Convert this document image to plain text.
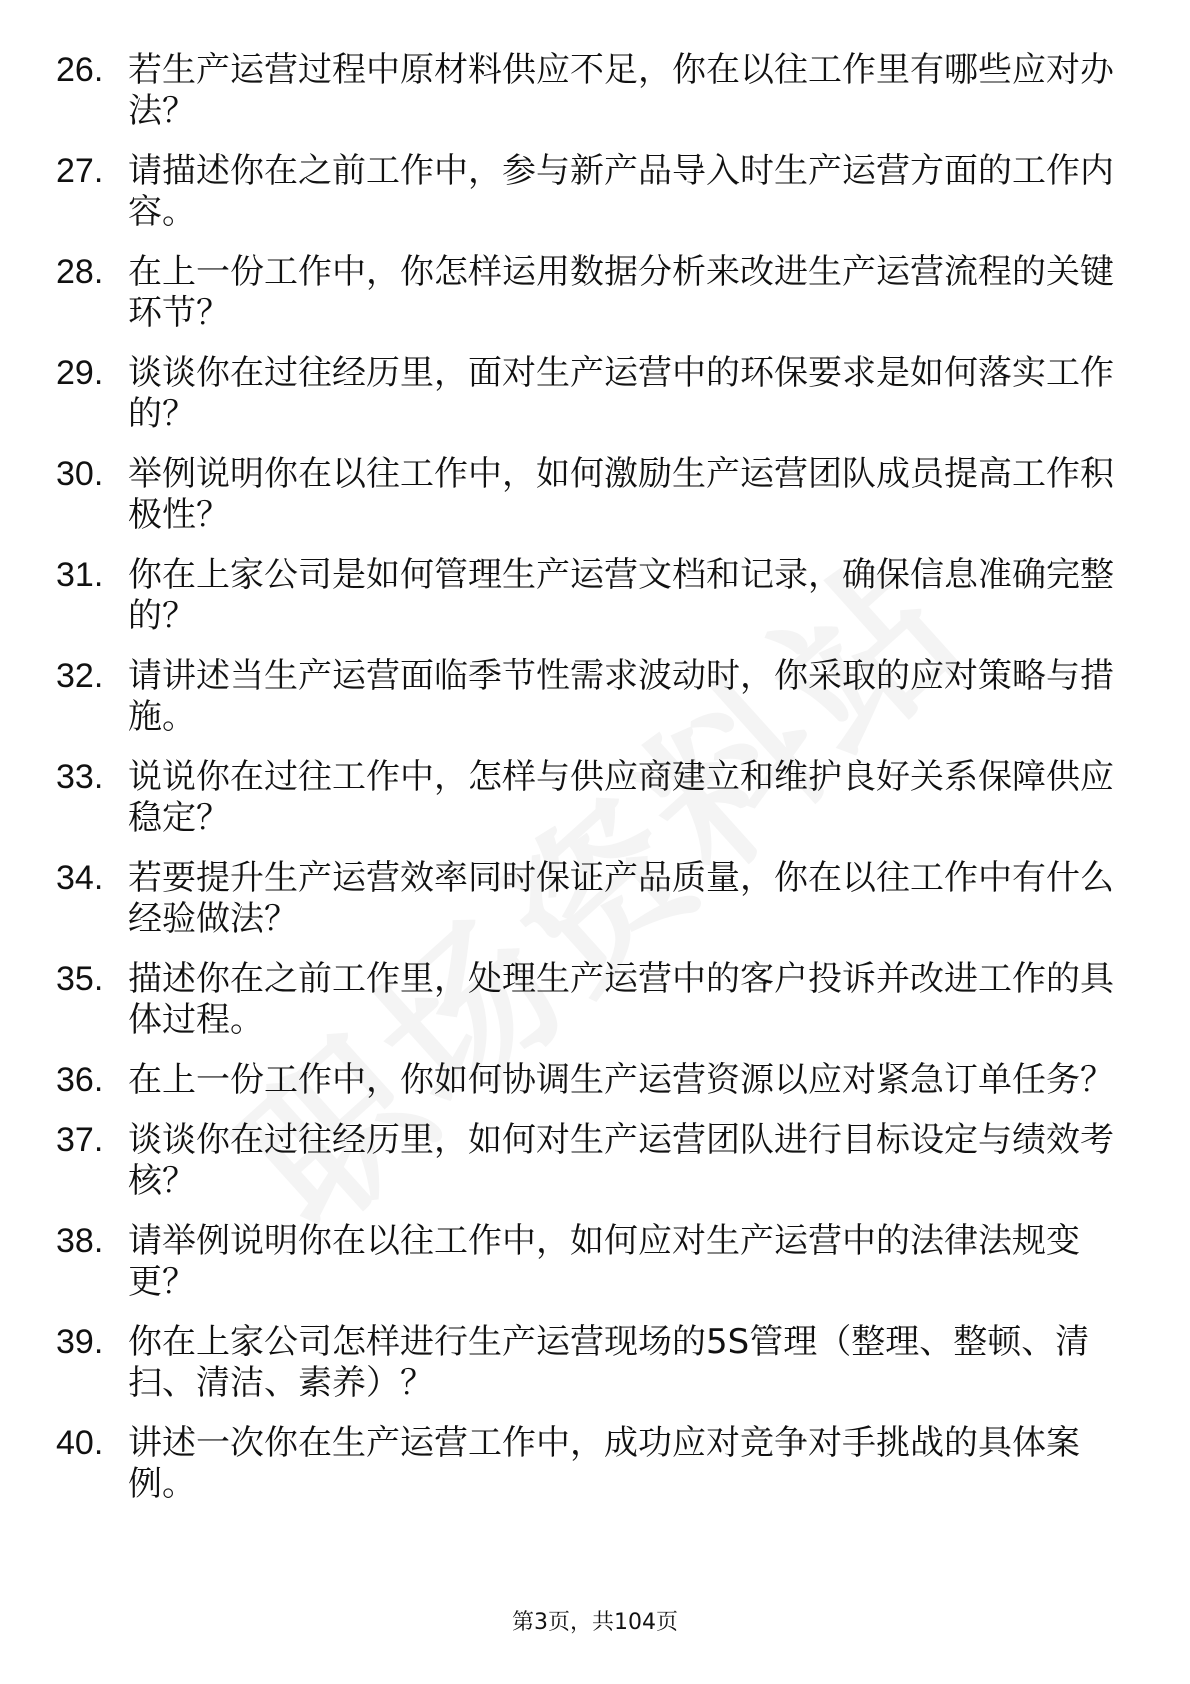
26. 若生产运营过程中原材料供应不足，你在以往工作里有哪些应对办法？
27. 请描述你在之前工作中，参与新产品导入时生产运营方面的工作内容。
28. 在上一份工作中，你怎样运用数据分析来改进生产运营流程的关键环节？
29. 谈谈你在过往经历里，面对生产运营中的环保要求是如何落实工作的？
30. 举例说明你在以往工作中，如何激励生产运营团队成员提高工作积极性？
31. 你在上家公司是如何管理生产运营文档和记录，确保信息准确完整的？
32. 请讲述当生产运营面临季节性需求波动时，你采取的应对策略与措施。
33. 说说你在过往工作中，怎样与供应商建立和维护良好关系保障供应稳定？
34. 若要提升生产运营效率同时保证产品质量，你在以往工作中有什么经验做法？
35. 描述你在之前工作里，处理生产运营中的客户投诉并改进工作的具体过程。
36. 在上一份工作中，你如何协调生产运营资源以应对紧急订单任务？
37. 谈谈你在过往经历里，如何对生产运营团队进行目标设定与绩效考核？
38. 请举例说明你在以往工作中，如何应对生产运营中的法律法规变更？
39. 你在上家公司怎样进行生产运营现场的5S管理（整理、整顿、清扫、清洁、素养）？
40. 讲述一次你在生产运营工作中，成功应对竞争对手挑战的具体案例。
第3页，共104页
